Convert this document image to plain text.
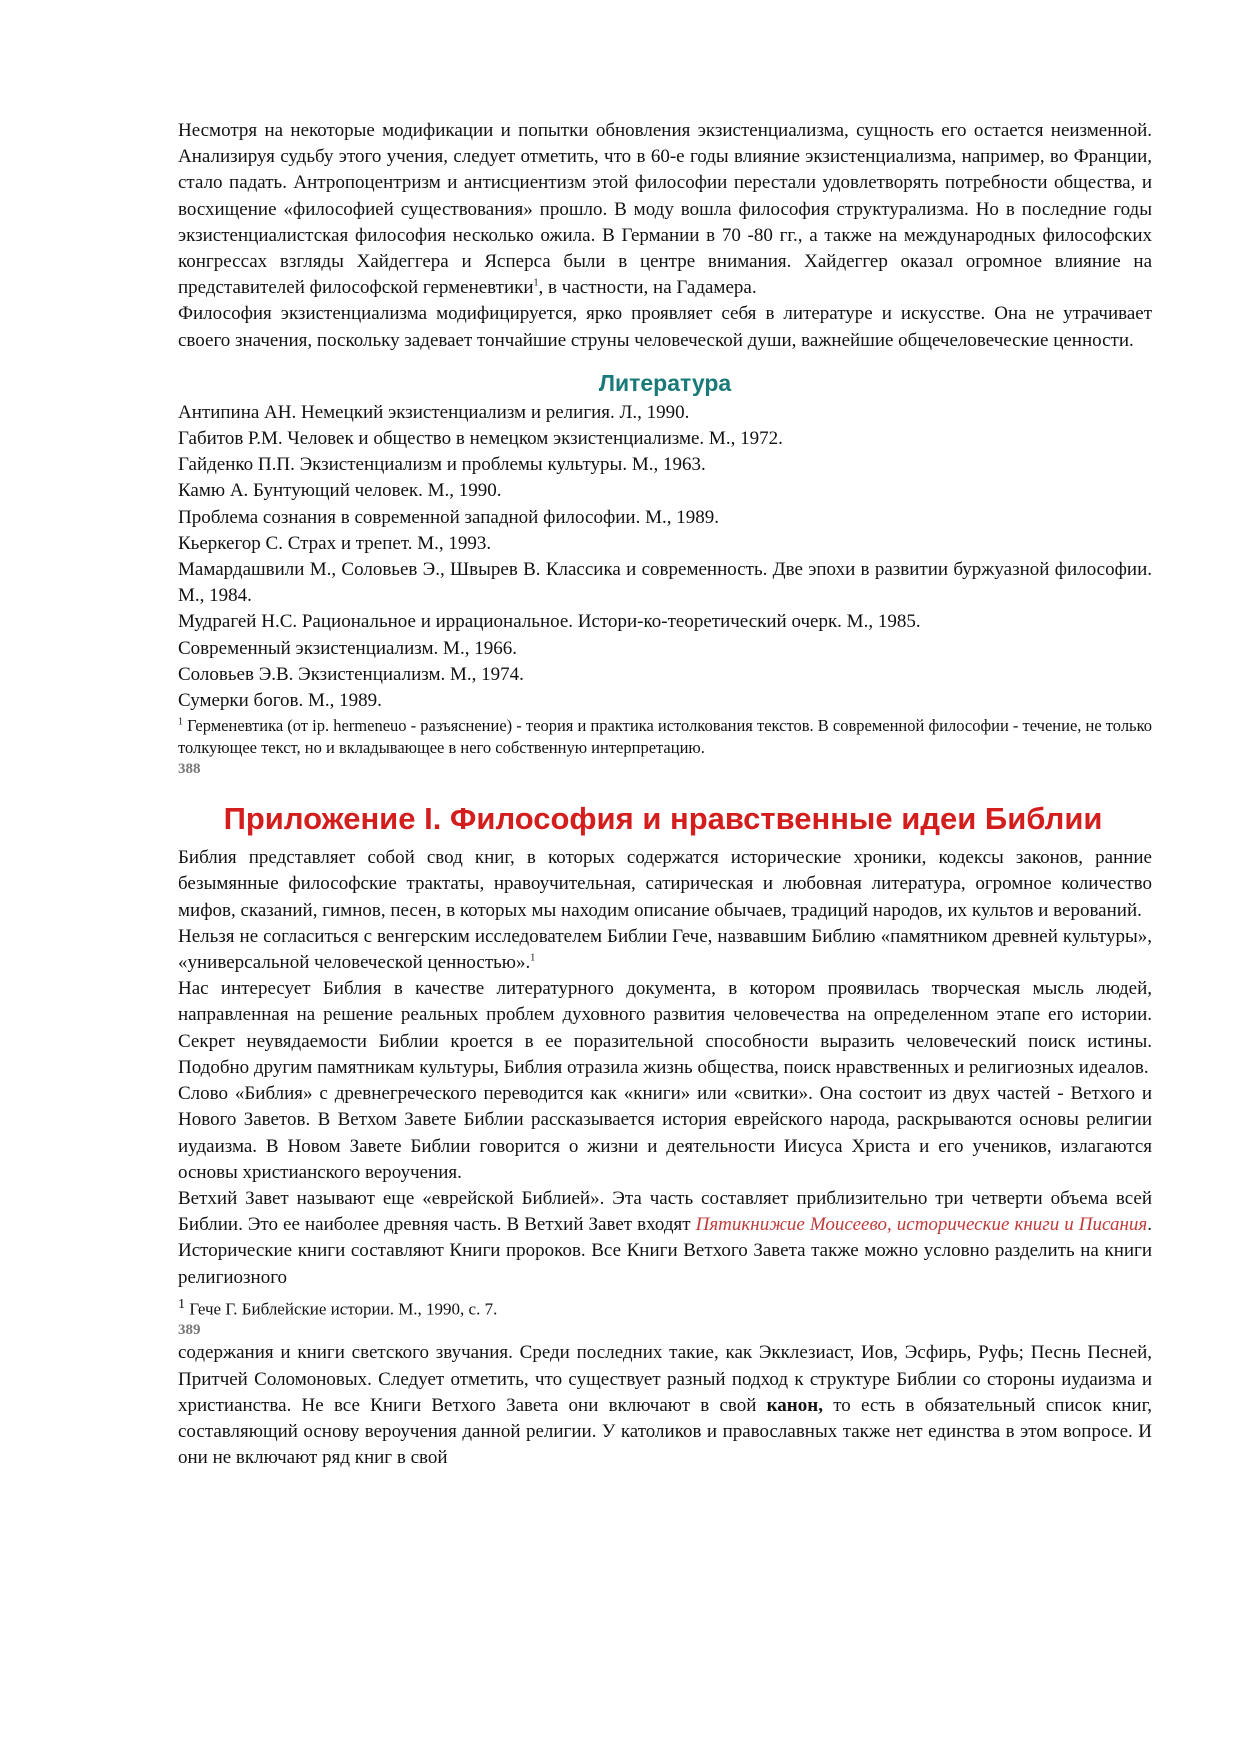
Несмотря на некоторые модификации и попытки обновления экзистенциализма, сущность его остается неизменной. Анализируя судьбу этого учения, следует отметить, что в 60-е годы влияние экзистенциализма, например, во Франции, стало падать. Антропоцентризм и антисциентизм этой философии перестали удовлетворять потребности общества, и восхищение «философией существования» прошло. В моду вошла философия структурализма. Но в последние годы экзистенциалистская философия несколько ожила. В Германии в 70 -80 гг., а также на международных философских конгрессах взгляды Хайдеггера и Ясперса были в центре внимания. Хайдеггер оказал огромное влияние на представителей философской герменевтики$^1$, в частности, на Гадамера.

Философия экзистенциализма модифицируется, ярко проявляет себя в литературе и искусстве. Она не утрачивает своего значения, поскольку задевает тончайшие струны человеческой души, важнейшие общечеловеческие ценности.

Литература

Антипина АН. Немецкий экзистенциализм и религия. Л., 1990.

Габитов Р.М. Человек и общество в немецком экзистенциализме. М., 1972.

Гайденко П.П. Экзистенциализм и проблемы культуры. М., 1963.

Камю А. Бунтующий человек. М., 1990.

Проблема сознания в современной западной философии. М., 1989.

Кьеркегор С. Страх и трепет. М., 1993.

Мамардашвили М., Соловьев Э., Швырев В. Классика и современность. Две эпохи в развитии буржуазной философии. М., 1984.

Мудрагей Н.С. Рациональное и иррациональное. Истори-ко-теоретический очерк. М., 1985.

Современный экзистенциализм. М., 1966.

Соловьев Э.В. Экзистенциализм. М., 1974.

Сумерки богов. М., 1989.

$^1$ Герменевтика (от ip. hermeneuo - разъяснение) - теория и практика истолкования текстов. В современной философии - течение, не только толкующее текст, но и вкладывающее в него собственную интерпретацию.

388

Приложение I. Философия и нравственные идеи Библии

Библия представляет собой свод книг, в которых содержатся исторические хроники, кодексы законов, ранние безымянные философские трактаты, нравоучительная, сатирическая и любовная литература, огромное количество мифов, сказаний, гимнов, песен, в которых мы находим описание обычаев, традиций народов, их культов и верований.

Нельзя не согласиться с венгерским исследователем Библии Гече, назвавшим Библию «памятником древней культуры», «универсальной человеческой ценностью».$^1$

Нас интересует Библия в качестве литературного документа, в котором проявилась творческая мысль людей, направленная на решение реальных проблем духовного развития человечества на определенном этапе его истории. Секрет неувядаемости Библии кроется в ее поразительной способности выразить человеческий поиск истины. Подобно другим памятникам культуры, Библия отразила жизнь общества, поиск нравственных и религиозных идеалов.

Слово «Библия» с древнегреческого переводится как «книги» или «свитки». Она состоит из двух частей - Ветхого и Нового Заветов. В Ветхом Завете Библии рассказывается история еврейского народа, раскрываются основы религии иудаизма. В Новом Завете Библии говорится о жизни и деятельности Иисуса Христа и его учеников, излагаются основы христианского вероучения.

Ветхий Завет называют еще «еврейской Библией». Эта часть составляет приблизительно три четверти объема всей Библии. Это ее наиболее древняя часть. В Ветхий Завет входят Пятикнижие Моисеево, исторические книги и Писания. Исторические книги составляют Книги пророков. Все Книги Ветхого Завета также можно условно разделить на книги религиозного

$^1$ Гече Г. Библейские истории. М., 1990, с. 7.

389

содержания и книги светского звучания. Среди последних такие, как Экклезиаст, Иов, Эсфирь, Руфь; Песнь Песней, Притчей Соломоновых. Следует отметить, что существует разный подход к структуре Библии со стороны иудаизма и христианства. Не все Книги Ветхого Завета они включают в свой канон, то есть в обязательный список книг, составляющий основу вероучения данной религии. У католиков и православных также нет единства в этом вопросе. И они не включают ряд книг в свой
